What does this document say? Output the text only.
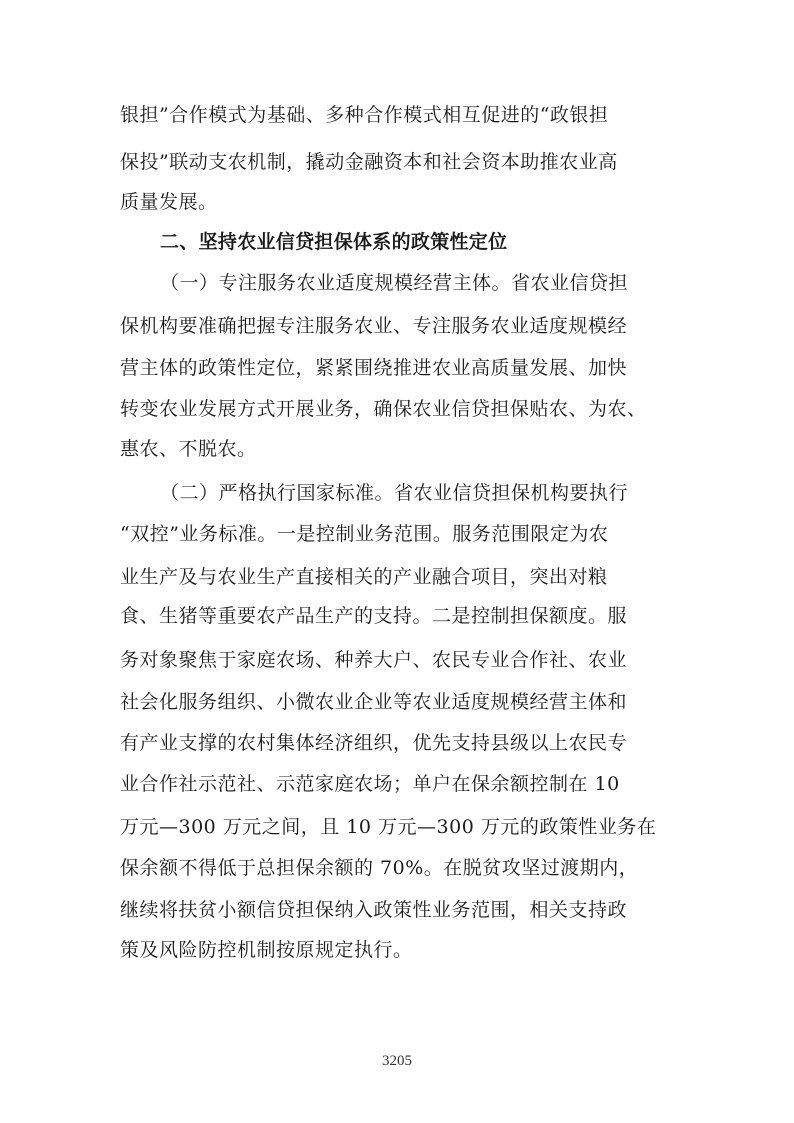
银担”合作模式为基础、多种合作模式相互促进的“政银担
保投”联动支农机制，撬动金融资本和社会资本助推农业高
质量发展。
二、坚持农业信贷担保体系的政策性定位
（一）专注服务农业适度规模经营主体。省农业信贷担
保机构要准确把握专注服务农业、专注服务农业适度规模经
营主体的政策性定位，紧紧围绕推进农业高质量发展、加快
转变农业发展方式开展业务，确保农业信贷担保贴农、为农、
惠农、不脱农。
（二）严格执行国家标准。省农业信贷担保机构要执行
“双控”业务标准。一是控制业务范围。服务范围限定为农
业生产及与农业生产直接相关的产业融合项目，突出对粮
食、生猪等重要农产品生产的支持。二是控制担保额度。服
务对象聚焦于家庭农场、种养大户、农民专业合作社、农业
社会化服务组织、小微农业企业等农业适度规模经营主体和
有产业支撑的农村集体经济组织，优先支持县级以上农民专
业合作社示范社、示范家庭农场；单户在保余额控制在 10
万元—300 万元之间，且 10 万元—300 万元的政策性业务在
保余额不得低于总担保余额的 70%。在脱贫攻坚过渡期内，
继续将扶贫小额信贷担保纳入政策性业务范围，相关支持政
策及风险防控机制按原规定执行。
3205
